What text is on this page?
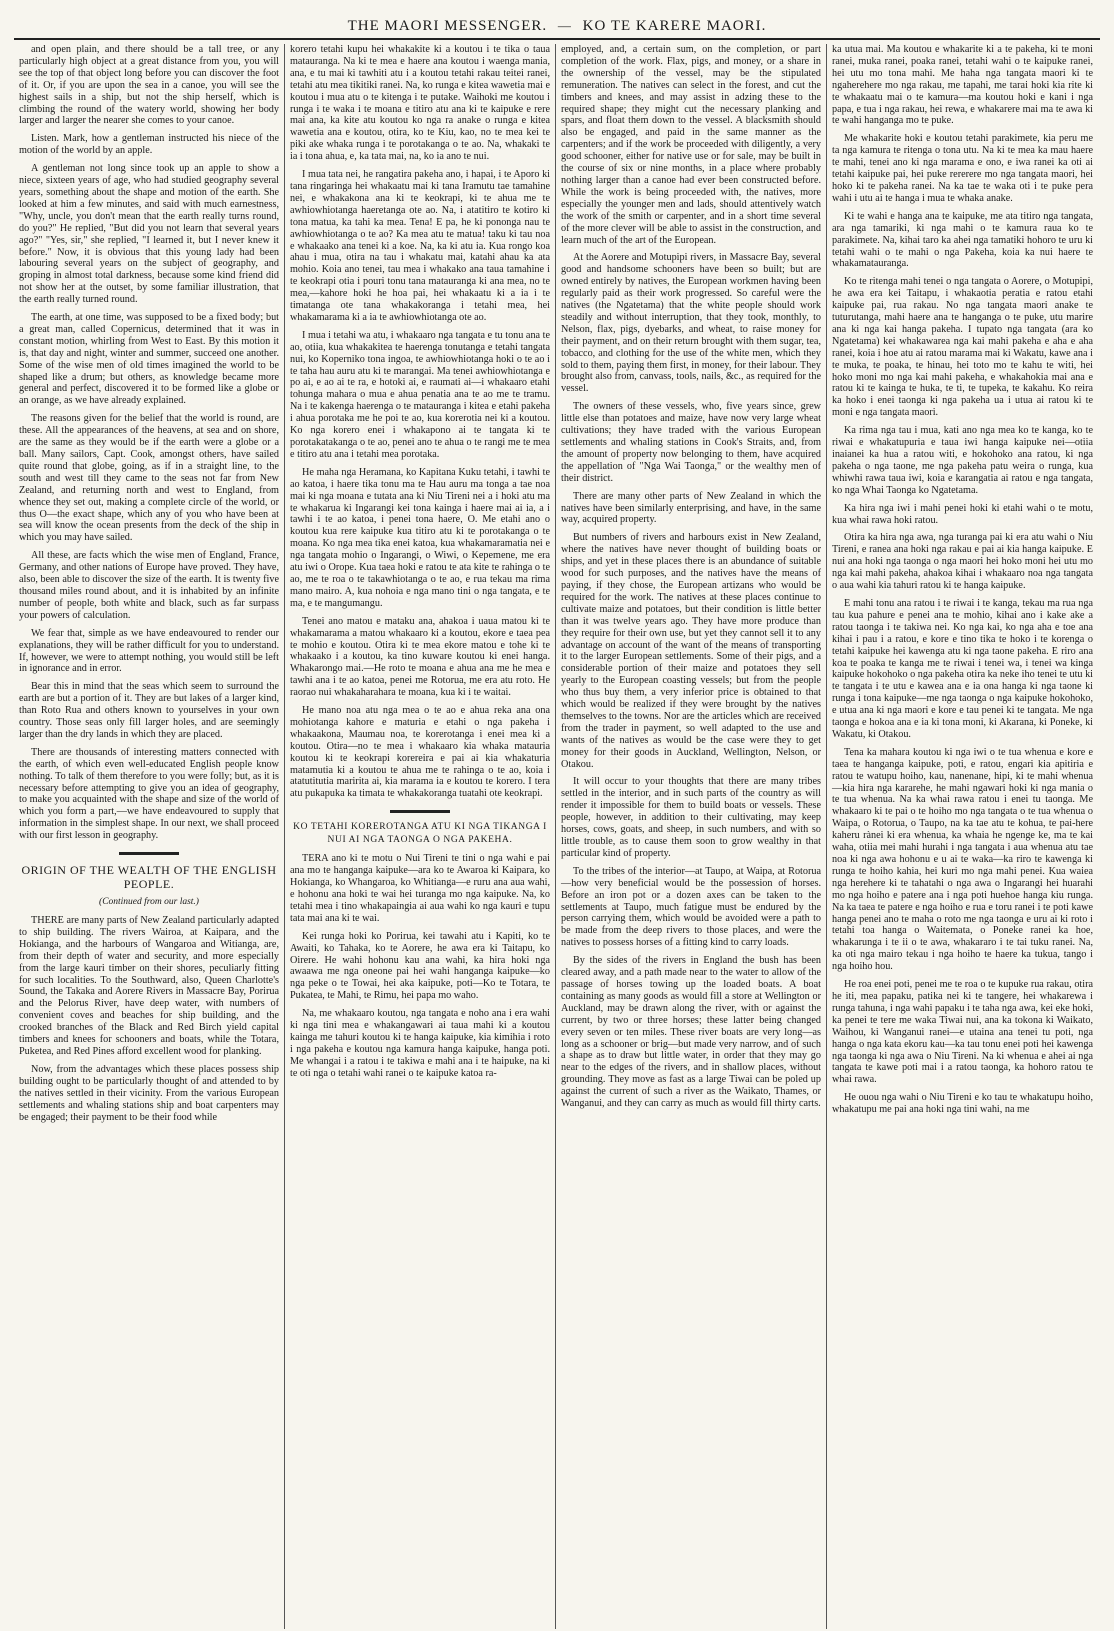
THE MAORI MESSENGER. — KO TE KARERE MAORI.

and open plain, and there should be a tall tree, or any particularly high object at a great distance from you, you will see the top of that object long before you can discover the foot of it. Or, if you are upon the sea in a canoe, you will see the highest sails in a ship, but not the ship herself, which is climbing the round of the watery world, showing her body larger and larger the nearer she comes to your canoe.

Listen. Mark, how a gentleman instructed his niece of the motion of the world by an apple.

A gentleman not long since took up an apple to show a niece, sixteen years of age, who had studied geography several years, something about the shape and motion of the earth. She looked at him a few minutes, and said with much earnestness, "Why, uncle, you don't mean that the earth really turns round, do you?" He replied, "But did you not learn that several years ago?" "Yes, sir," she replied, "I learned it, but I never knew it before." Now, it is obvious that this young lady had been labouring several years on the subject of geography, and groping in almost total darkness, because some kind friend did not show her at the outset, by some familiar illustration, that the earth really turned round.

The earth, at one time, was supposed to be a fixed body; but a great man, called Copernicus, determined that it was in constant motion, whirling from West to East. By this motion it is, that day and night, winter and summer, succeed one another. Some of the wise men of old times imagined the world to be shaped like a drum; but others, as knowledge became more general and perfect, discovered it to be formed like a globe or an orange, as we have already explained.

The reasons given for the belief that the world is round, are these. All the appearances of the heavens, at sea and on shore, are the same as they would be if the earth were a globe or a ball. Many sailors, Capt. Cook, amongst others, have sailed quite round that globe, going, as if in a straight line, to the south and west till they came to the seas not far from New Zealand, and returning north and west to England, from whence they set out, making a complete circle of the world, or thus O—the exact shape, which any of you who have been at sea will know the ocean presents from the deck of the ship in which you may have sailed.

All these, are facts which the wise men of England, France, Germany, and other nations of Europe have proved. They have, also, been able to discover the size of the earth. It is twenty five thousand miles round about, and it is inhabited by an infinite number of people, both white and black, such as far surpass your powers of calculation.

We fear that, simple as we have endeavoured to render our explanations, they will be rather difficult for you to understand. If, however, we were to attempt nothing, you would still be left in ignorance and in error.

Bear this in mind that the seas which seem to surround the earth are but a portion of it. They are but lakes of a larger kind, than Roto Rua and others known to yourselves in your own country. Those seas only fill larger holes, and are seemingly larger than the dry lands in which they are placed.

There are thousands of interesting matters connected with the earth, of which even well-educated English people know nothing. To talk of them therefore to you were folly; but, as it is necessary before attempting to give you an idea of geography, to make you acquainted with the shape and size of the world of which you form a part,—we have endeavoured to supply that information in the simplest shape. In our next, we shall proceed with our first lesson in geography.

ORIGIN OF THE WEALTH OF THE ENGLISH PEOPLE.
(Continued from our last.)

THERE are many parts of New Zealand particularly adapted to ship building. The rivers Wairoa, at Kaipara, and the Hokianga, and the harbours of Wangaroa and Witianga, are, from their depth of water and security, and more especially from the large kauri timber on their shores, peculiarly fitting for such localities. To the Southward, also, Queen Charlotte's Sound, the Takaka and Aorere Rivers in Massacre Bay, Porirua and the Pelorus River, have deep water, with numbers of convenient coves and beaches for ship building, and the crooked branches of the Black and Red Birch yield capital timbers and knees for schooners and boats, while the Totara, Puketea, and Red Pines afford excellent wood for planking.

Now, from the advantages which these places possess ship building ought to be particularly thought of and attended to by the natives settled in their vicinity. From the various European settlements and whaling stations ship and boat carpenters may be engaged; their payment to be their food while

korero tetahi kupu hei whakakite ki a koutou i te tika o taua matauranga. Na ki te mea e haere ana koutou i waenga mania, ana, e tu mai ki tawhiti atu i a koutou tetahi rakau teitei ranei, tetahi atu mea tikitiki ranei. Na, ko runga e kitea wawetia mai e koutou i mua atu o te kitenga i te putake. Waihoki me koutou i runga i te waka i te moana e titiro atu ana ki te kaipuke e rere mai ana, ka kite atu koutou ko nga ra anake o runga e kitea wawetia ana e koutou, otira, ko te Kiu, kao, no te mea kei te piki ake whaka runga i te porotakanga o te ao. Na, whakaki te ia i tona ahua, e, ka tata mai, na, ko ia ano te nui.

I mua tata nei, he rangatira pakeha ano, i hapai, i te Aporo ki tana ringaringa hei whakaatu mai ki tana Iramutu tae tamahine nei, e whakakona ana ki te keokrapi, ki te ahua me te awhiowhiotanga haeretanga ote ao. Na, i atatitiro te kotiro ki tona matua, ka tahi ka mea. Tena! E pa, he ki pononga nau te awhiowhiotanga o te ao? Ka mea atu te matua! taku ki tau noa e whakaako ana tenei ki a koe. Na, ka ki atu ia. Kua rongo koa ahau i mua, otira na tau i whakatu mai, katahi ahau ka ata mohio. Koia ano tenei, tau mea i whakako ana taua tamahine i te keokrapi otia i pouri tonu tana matauranga ki ana mea, no te mea,—kahore hoki he hoa pai, hei whakaatu ki a ia i te timatanga ote tana whakakoranga i tetahi mea, hei whakamarama ki a ia te awhiowhiotanga ote ao.

I mua i tetahi wa atu, i whakaaro nga tangata e tu tonu ana te ao, otiia, kua whakakitea te haerenga tonutanga e tetahi tangata nui, ko Koperniko tona ingoa, te awhiowhiotanga hoki o te ao i te taha hau auru atu ki te marangai. Ma tenei awhiowhiotanga e po ai, e ao ai te ra, e hotoki ai, e raumati ai—i whakaaro etahi tohunga mahara o mua e ahua penatia ana te ao me te tramu. Na i te kakenga haerenga o te matauranga i kitea e etahi pakeha i ahua porotaka me he poi te ao, kua korerotia nei ki a koutou. Ko nga korero enei i whakapono ai te tangata ki te porotakatakanga o te ao, penei ano te ahua o te rangi me te mea e titiro atu ana i tetahi mea porotaka.

He maha nga Heramana, ko Kapitana Kuku tetahi, i tawhi te ao katoa, i haere tika tonu ma te Hau auru ma tonga a tae noa mai ki nga moana e tutata ana ki Niu Tireni nei a i hoki atu ma te whakarua ki Ingarangi kei tona kainga i haere mai ai ia, a i tawhi i te ao katoa, i penei tona haere, O. Me etahi ano o koutou kua rere kaipuke kua titiro atu ki te porotakanga o te moana. Ko nga mea tika enei katoa, kua whakamaramatia nei e nga tangata mohio o Ingarangi, o Wiwi, o Kepemene, me era atu iwi o Orope. Kua taea hoki e ratou te ata kite te rahinga o te ao, me te roa o te takawhiotanga o te ao, e rua tekau ma rima mano mairo. A, kua nohoia e nga mano tini o nga tangata, e te ma, e te mangumangu.

Tenei ano matou e mataku ana, ahakoa i uaua matou ki te whakamarama a matou whakaaro ki a koutou, ekore e taea pea te mohio e koutou. Otira ki te mea ekore matou e tohe ki te whakaako i a koutou, ka tino kuware koutou ki enei hanga. Whakarongo mai.—He roto te moana e ahua ana me he mea e tawhi ana i te ao katoa, penei me Rotorua, me era atu roto. He raorao nui whakaharahara te moana, kua ki i te waitai.

He mano noa atu nga mea o te ao e ahua reka ana ona mohiotanga kahore e maturia e etahi o nga pakeha i whakaakona, Maumau noa, te korerotanga i enei mea ki a koutou. Otira—no te mea i whakaaro kia whaka matauria koutou ki te keokrapi korereira e pai ai kia whakaturia matamutia ki a koutou te ahua me te rahinga o te ao, koia i atatutitutia maririta ai, kia marama ia e koutou te korero. I tera atu pukapuka ka timata te whakakoranga tuatahi ote keokrapi.

KO TETAHI KOREROTANGA ATU KI NGA TIKANGA I NUI AI NGA TAONGA O NGA PAKEHA.

TERA ano ki te motu o Nui Tireni te tini o nga wahi e pai ana mo te hanganga kaipuke—ara ko te Awaroa ki Kaipara, ko Hokianga, ko Whangaroa, ko Whitianga—e ruru ana aua wahi, e hohonu ana hoki te wai hei turanga mo nga kaipuke. Na, ko tetahi mea i tino whakapaingia ai aua wahi ko nga kauri e tupu tata mai ana ki te wai.

Kei runga hoki ko Porirua, kei tawahi atu i Kapiti, ko te Awaiti, ko Tahaka, ko te Aorere, he awa era ki Taitapu, ko Oirere. He wahi hohonu kau ana wahi, ka hira hoki nga awaawa me nga oneone pai hei wahi hanganga kaipuke—ko nga peke o te Towai, hei aka kaipuke, poti—Ko te Totara, te Pukatea, te Mahi, te Rimu, hei papa mo waho.

Na, me whakaaro koutou, nga tangata e noho ana i era wahi ki nga tini mea e whakangawari ai taua mahi ki a koutou kainga me tahuri koutou ki te hanga kaipuke, kia kimihia i roto i nga pakeha e koutou nga kamura hanga kaipuke, hanga poti. Me whangai i a ratou i te takiwa e mahi ana i te haipuke, na ki te oti nga o tetahi wahi ranei o te kaipuke katoa ra-

employed, and, a certain sum, on the completion, or part completion of the work. Flax, pigs, and money, or a share in the ownership of the vessel, may be the stipulated remuneration. The natives can select in the forest, and cut the timbers and knees, and may assist in adzing these to the required shape; they might cut the necessary planking and spars, and float them down to the vessel. A blacksmith should also be engaged, and paid in the same manner as the carpenters; and if the work be proceeded with diligently, a very good schooner, either for native use or for sale, may be built in the course of six or nine months, in a place where probably nothing larger than a canoe had ever been constructed before. While the work is being proceeded with, the natives, more especially the younger men and lads, should attentively watch the work of the smith or carpenter, and in a short time several of the more clever will be able to assist in the construction, and learn much of the art of the European.

At the Aorere and Motupipi rivers, in Massacre Bay, several good and handsome schooners have been so built; but are owned entirely by natives, the European workmen having been regularly paid as their work progressed. So careful were the natives (the Ngatetama) that the white people should work steadily and without interruption, that they took, monthly, to Nelson, flax, pigs, dyebarks, and wheat, to raise money for their payment, and on their return brought with them sugar, tea, tobacco, and clothing for the use of the white men, which they sold to them, paying them first, in money, for their labour. They brought also from, canvass, tools, nails, &c., as required for the vessel.

The owners of these vessels, who, five years since, grew little else than potatoes and maize, have now very large wheat cultivations; they have traded with the various European settlements and whaling stations in Cook's Straits, and, from the amount of property now belonging to them, have acquired the appellation of "Nga Wai Taonga," or the wealthy men of their district.

There are many other parts of New Zealand in which the natives have been similarly enterprising, and have, in the same way, acquired property.

But numbers of rivers and harbours exist in New Zealand, where the natives have never thought of building boats or ships, and yet in these places there is an abundance of suitable wood for such purposes, and the natives have the means of paying, if they chose, the European artizans who would be required for the work. The natives at these places continue to cultivate maize and potatoes, but their condition is little better than it was twelve years ago. They have more produce than they require for their own use, but yet they cannot sell it to any advantage on account of the want of the means of transporting it to the larger European settlements. Some of their pigs, and a considerable portion of their maize and potatoes they sell yearly to the European coasting vessels; but from the people who thus buy them, a very inferior price is obtained to that which would be realized if they were brought by the natives themselves to the towns. Nor are the articles which are received from the trader in payment, so well adapted to the use and wants of the natives as would be the case were they to get money for their goods in Auckland, Wellington, Nelson, or Otakou.

It will occur to your thoughts that there are many tribes settled in the interior, and in such parts of the country as will render it impossible for them to build boats or vessels. These people, however, in addition to their cultivating, may keep horses, cows, goats, and sheep, in such numbers, and with so little trouble, as to cause them soon to grow wealthy in that particular kind of property.

To the tribes of the interior—at Taupo, at Waipa, at Rotorua—how very beneficial would be the possession of horses. Before an iron pot or a dozen axes can be taken to the settlements at Taupo, much fatigue must be endured by the person carrying them, which would be avoided were a path to be made from the deep rivers to those places, and were the natives to possess horses of a fitting kind to carry loads.

By the sides of the rivers in England the bush has been cleared away, and a path made near to the water to allow of the passage of horses towing up the loaded boats. A boat containing as many goods as would fill a store at Wellington or Auckland, may be drawn along the river, with or against the current, by two or three horses; these latter being changed every seven or ten miles. These river boats are very long—as long as a schooner or brig—but made very narrow, and of such a shape as to draw but little water, in order that they may go near to the edges of the rivers, and in shallow places, without grounding. They move as fast as a large Tiwai can be poled up against the current of such a river as the Waikato, Thames, or Wanganui, and they can carry as much as would fill thirty carts.

ka utua mai. Ma koutou e whakarite ki a te pakeha, ki te moni ranei, muka ranei, poaka ranei, tetahi wahi o te kaipuke ranei, hei utu mo tona mahi. Me haha nga tangata maori ki te ngaherehere mo nga rakau, me tapahi, me tarai hoki kia rite ki te whakaatu mai o te kamura—ma koutou hoki e kani i nga papa, e tua i nga rakau, hei rewa, e whakarere mai ma te awa ki te wahi hanganga mo te puke.

Me whakarite hoki e koutou tetahi parakimete, kia peru me ta nga kamura te ritenga o tona utu. Na ki te mea ka mau haere te mahi, tenei ano ki nga marama e ono, e iwa ranei ka oti ai tetahi kaipuke pai, hei puke rererere mo nga tangata maori, hei hoko ki te pakeha ranei. Na ka tae te waka oti i te puke pera wahi i utu ai te hanga i mua te whaka anake.

Ki te wahi e hanga ana te kaipuke, me ata titiro nga tangata, ara nga tamariki, ki nga mahi o te kamura raua ko te parakimete. Na, kihai taro ka ahei nga tamatiki hohoro te uru ki tetahi wahi o te mahi o nga Pakeha, koia ka nui haere te whakamatauranga.

Ko te ritenga mahi tenei o nga tangata o Aorere, o Motupipi, he awa era kei Taitapu, i whakaotia peratia e ratou etahi kaipuke pai, rua rakau. No nga tangata maori anake te tuturutanga, mahi haere ana te hanganga o te puke, utu marire ana ki nga kai hanga pakeha. I tupato nga tangata (ara ko Ngatetama) kei whakawarea nga kai mahi pakeha e aha e aha ranei, koia i hoe atu ai ratou marama mai ki Wakatu, kawe ana i te muka, te poaka, te hinau, hei toto mo te kahu te witi, hei hoko moni mo nga kai mahi pakeha, e whakahokia mai ana e ratou ki te kainga te huka, te ti, te tupeka, te kakahu. Ko reira ka hoko i enei taonga ki nga pakeha ua i utua ai ratou ki te moni e nga tangata maori.

Ka rima nga tau i mua, kati ano nga mea ko te kanga, ko te riwai e whakatupuria e taua iwi hanga kaipuke nei—otiia inaianei ka hua a ratou witi, e hokohoko ana ratou, ki nga pakeha o nga taone, me nga pakeha patu weira o runga, kua whiwhi rawa taua iwi, koia e karangatia ai ratou e nga tangata, ko nga Whai Taonga ko Ngatetama.

Ka hira nga iwi i mahi penei hoki ki etahi wahi o te motu, kua whai rawa hoki ratou.

Otira ka hira nga awa, nga turanga pai ki era atu wahi o Niu Tireni, e ranea ana hoki nga rakau e pai ai kia hanga kaipuke. E nui ana hoki nga taonga o nga maori hei hoko moni hei utu mo nga kai mahi pakeha, ahakoa kihai i whakaaro noa nga tangata o aua wahi kia tahuri ratou ki te hanga kaipuke.

E mahi tonu ana ratou i te riwai i te kanga, tekau ma rua nga tau kua pahure e penei ana te mohio, kihai ano i kake ake a ratou taonga i te takiwa nei. Ko nga kai, ko nga aha e toe ana kihai i pau i a ratou, e kore e tino tika te hoko i te korenga o tetahi kaipuke hei kawenga atu ki nga taone pakeha. E riro ana koa te poaka te kanga me te riwai i tenei wa, i tenei wa kinga kaipuke hokohoko o nga pakeha otira ka neke iho tenei te utu ki te tangata i te utu e kawea ana e ia ona hanga ki nga taone ki runga i tona kaipuke—me nga taonga o nga kaipuke hokohoko, e utua ana ki nga maori e kore e tau penei ki te tangata. Me nga taonga e hokoa ana e ia ki tona moni, ki Akarana, ki Poneke, ki Wakatu, ki Otakou.

Tena ka mahara koutou ki nga iwi o te tua whenua e kore e taea te hanganga kaipuke, poti, e ratou, engari kia apitiria e ratou te watupu hoiho, kau, nanenane, hipi, ki te mahi whenua—kia hira nga kararehe, he mahi ngawari hoki ki nga mania o te tua whenua. Na ka whai rawa ratou i enei tu taonga. Me whakaaro ki te pai o te hoiho mo nga tangata o te tua whenua o Waipa, o Rotorua, o Taupo, na ka tae atu te kohua, te pai-here kaheru rànei ki era whenua, ka whaia he ngenge ke, ma te kai waha, otiia mei mahi hurahi i nga tangata i aua whenua atu tae noa ki nga awa hohonu e u ai te waka—ka riro te kawenga ki runga te hoiho kahia, hei kuri mo nga mahi penei. Kua waiea nga herehere ki te tahatahi o nga awa o Ingarangi hei huarahi mo nga hoiho e patere ana i nga poti huehoe hanga kiu runga. Na ka taea te patere e nga hoiho e rua e toru ranei i te poti kawe hanga penei ano te maha o roto me nga taonga e uru ai ki roto i tetahi toa hanga o Waitemata, o Poneke ranei ka hoe, whakarunga i te ii o te awa, whakararo i te tai tuku ranei. Na, ka oti nga mairo tekau i nga hoiho te haere ka tukua, tango i nga hoiho hou.

He roa enei poti, penei me te roa o te kupuke rua rakau, otira he iti, mea papaku, patika nei ki te tangere, hei whakarewa i runga tahuna, i nga wahi papaku i te taha nga awa, kei eke hoki, ka penei te tere me waka Tiwai nui, ana ka tokona ki Waikato, Waihou, ki Wanganui ranei—e utaina ana tenei tu poti, nga hanga o nga kata ekoru kau—ka tau tonu enei poti hei kawenga nga taonga ki nga awa o Niu Tireni. Na ki whenua e ahei ai nga tangata te kawe poti mai i a ratou taonga, ka hohoro ratou te whai rawa.

He ouou nga wahi o Niu Tireni e ko tau te whakatupu hoiho, whakatupu me pai ana hoki nga tini wahi, na me
